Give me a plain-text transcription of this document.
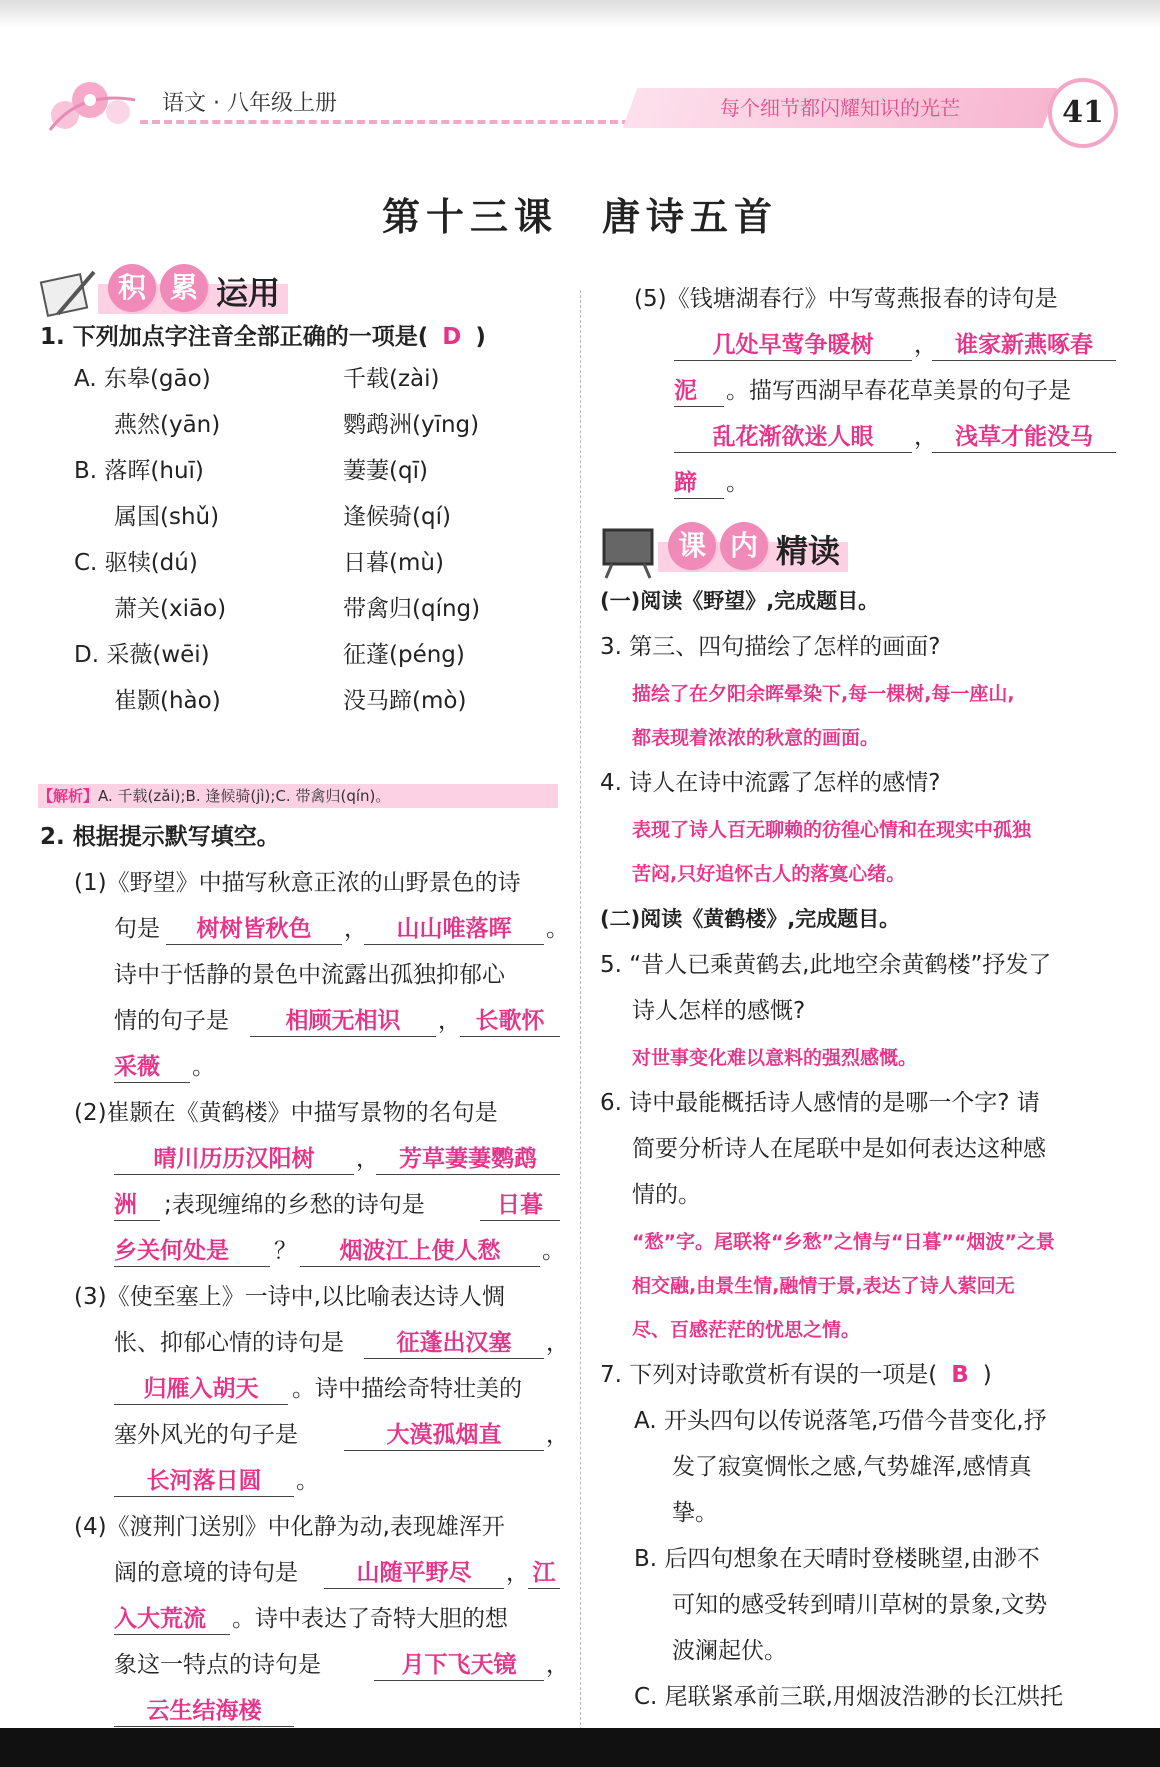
语文 · 八年级上册	每个细节都闪耀知识的光芒	41
第十三课　唐诗五首
积 累 运用
1. 下列加点字注音全部正确的一项是( D )
A. 东皋(gāo)	千载(zài)
燕然(yān)	鹦鹉洲(yīng)
B. 落晖(huī)	萋萋(qī)
属国(shǔ)	逢候骑(qí)
C. 驱犊(dú)	日暮(mù)
萧关(xiāo)	带禽归(qíng)
D. 采薇(wēi)	征蓬(péng)
崔颢(hào)	没马蹄(mò)
【解析】A. 千载(zǎi);B. 逢候骑(jì);C. 带禽归(qín)。
2. 根据提示默写填空。
(1)《野望》中描写秋意正浓的山野景色的诗
句是	树树皆秋色	，	山山唯落晖	。
诗中于恬静的景色中流露出孤独抑郁心
情的句子是	相顾无相识	， 长歌怀
采薇	。
(2)崔颢在《黄鹤楼》中描写景物的名句是
晴川历历汉阳树	， 芳草萋萋鹦鹉
洲	;表现缠绵的乡愁的诗句是	日暮
乡关何处是	？	烟波江上使人愁	。
(3)《使至塞上》一诗中,以比喻表达诗人惆
怅、抑郁心情的诗句是	征蓬出汉塞	，
归雁入胡天	。诗中描绘奇特壮美的
塞外风光的句子是	大漠孤烟直	，
长河落日圆	。
(4)《渡荆门送别》中化静为动,表现雄浑开
阔的意境的诗句是	山随平野尽	， 江
入大荒流	。诗中表达了奇特大胆的想
象这一特点的诗句是	月下飞天镜	，
云生结海楼
(5)《钱塘湖春行》中写莺燕报春的诗句是
几处早莺争暖树	， 谁家新燕啄春
泥	。描写西湖早春花草美景的句子是
乱花渐欲迷人眼	， 浅草才能没马
蹄	。
课 内 精读
(一)阅读《野望》,完成题目。
3. 第三、四句描绘了怎样的画面?
描绘了在夕阳余晖晕染下,每一棵树,每一座山,
都表现着浓浓的秋意的画面。
4. 诗人在诗中流露了怎样的感情?
表现了诗人百无聊赖的彷徨心情和在现实中孤独
苦闷,只好追怀古人的落寞心绪。
(二)阅读《黄鹤楼》,完成题目。
5. “昔人已乘黄鹤去,此地空余黄鹤楼”抒发了
诗人怎样的感慨?
对世事变化难以意料的强烈感慨。
6. 诗中最能概括诗人感情的是哪一个字? 请
简要分析诗人在尾联中是如何表达这种感
情的。
“愁”字。尾联将“乡愁”之情与“日暮”“烟波”之景
相交融,由景生情,融情于景,表达了诗人萦回无
尽、百感茫茫的忧思之情。
7. 下列对诗歌赏析有误的一项是( B )
A. 开头四句以传说落笔,巧借今昔变化,抒
发了寂寞惆怅之感,气势雄浑,感情真
挚。
B. 后四句想象在天晴时登楼眺望,由渺不
可知的感受转到晴川草树的景象,文势
波澜起伏。
C. 尾联紧承前三联,用烟波浩渺的长江烘托
